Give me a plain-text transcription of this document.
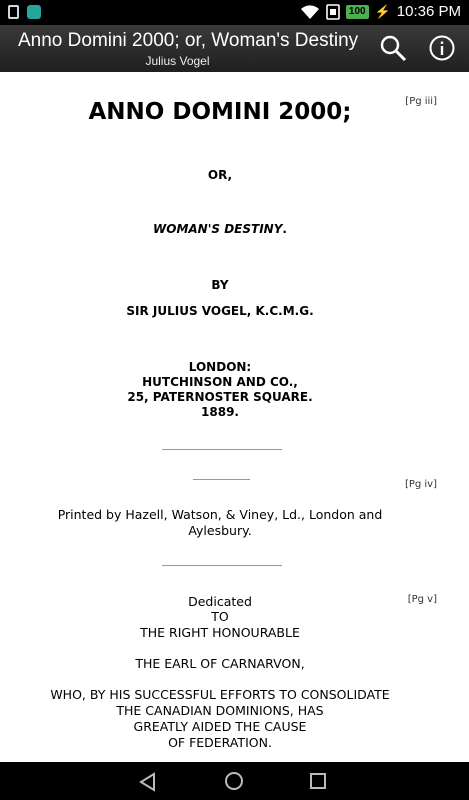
100 ⚡ 10:36 PM
Anno Domini 2000; or, Woman's Destiny
Julius Vogel
[Pg iii]
ANNO DOMINI 2000;
OR,
WOMAN'S DESTINY.
BY
SIR JULIUS VOGEL, K.C.M.G.
LONDON:
HUTCHINSON AND CO.,
25, PATERNOSTER SQUARE.
1889.
[Pg iv]
Printed by Hazell, Watson, & Viney, Ld., London and
Aylesbury.
[Pg v]
Dedicated
TO
THE RIGHT HONOURABLE
THE EARL OF CARNARVON,
WHO, BY HIS SUCCESSFUL EFFORTS TO CONSOLIDATE
THE CANADIAN DOMINIONS, HAS
GREATLY AIDED THE CAUSE
OF FEDERATION.
